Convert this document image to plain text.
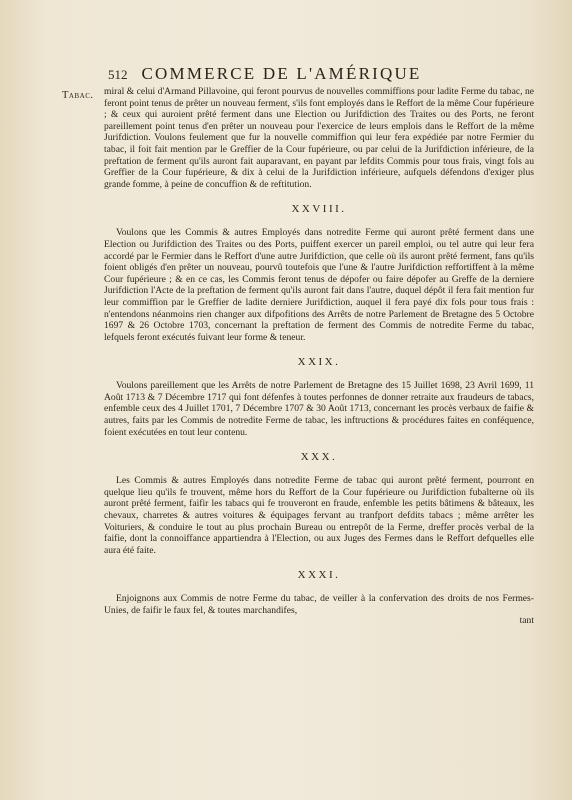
512 COMMERCE DE L'AMÉRIQUE
Tabac. miral & celui d'Armand Pillavoine, qui feront pourvus de nouvelles commiffions pour ladite Ferme du tabac, ne feront point tenus de prêter un nouveau ferment, s'ils font employés dans le Reffort de la même Cour fupérieure ; & ceux qui auroient prêté ferment dans une Election ou Jurifdiction des Traites ou des Ports, ne feront pareillement point tenus d'en prêter un nouveau pour l'exercice de leurs emplois dans le Reffort de la même Jurifdiction. Voulons feulement que fur la nouvelle commiffion qui leur fera expédiée par notre Fermier du tabac, il foit fait mention par le Greffier de la Cour fupérieure, ou par celui de la Jurifdiction inférieure, de la preftation de ferment qu'ils auront fait auparavant, en payant par lefdits Commis pour tous frais, vingt fols au Greffier de la Cour fupérieure, & dix à celui de la Jurifdiction inférieure, aufquels défendons d'exiger plus grande fomme, à peine de concuffion & de reftitution.

XXVIII.

Voulons que les Commis & autres Employés dans notredite Ferme qui auront prêté ferment dans une Election ou Jurifdiction des Traites ou des Ports, puiffent exercer un pareil emploi, ou tel autre qui leur fera accordé par le Fermier dans le Reffort d'une autre Jurifdiction, que celle où ils auront prêté ferment, fans qu'ils foient obligés d'en prêter un nouveau, pourvû toutefois que l'une & l'autre Jurifdiction reffortiffent à la même Cour fupérieure ; & en ce cas, les Commis feront tenus de dépofer ou faire dépofer au Greffe de la derniere Jurifdiction l'Acte de la preftation de ferment qu'ils auront fait dans l'autre, duquel dépôt il fera fait mention fur leur commiffion par le Greffier de ladite derniere Jurifdiction, auquel il fera payé dix fols pour tous frais : n'entendons néanmoins rien changer aux difpofitions des Arrêts de notre Parlement de Bretagne des 5 Octobre 1697 & 26 Octobre 1703, concernant la preftation de ferment des Commis de notredite Ferme du tabac, lefquels feront exécutés fuivant leur forme & teneur.

XXIX.

Voulons pareillement que les Arrêts de notre Parlement de Bretagne des 15 Juillet 1698, 23 Avril 1699, 11 Août 1713 & 7 Décembre 1717 qui font défenfes à toutes perfonnes de donner retraite aux fraudeurs de tabacs, enfemble ceux des 4 Juillet 1701, 7 Décembre 1707 & 30 Août 1713, concernant les procès verbaux de faifie & autres, faits par les Commis de notredite Ferme de tabac, les inftructions & procédures faites en conféquence, foient exécutées en tout leur contenu.

XXX.

Les Commis & autres Employés dans notredite Ferme de tabac qui auront prêté ferment, pourront en quelque lieu qu'ils fe trouvent, même hors du Reffort de la Cour fupérieure ou Jurifdiction fubalterne où ils auront prêté ferment, faifir les tabacs qui fe trouveront en fraude, enfemble les petits bâtimens & bâteaux, les chevaux, charretes & autres voitures & équipages fervant au tranfport defdits tabacs ; même arrêter les Voituriers, & conduire le tout au plus prochain Bureau ou entrepôt de la Ferme, dreffer procès verbal de la faifie, dont la connoiffance appartiendra à l'Election, ou aux Juges des Fermes dans le Reffort defquelles elle aura été faite.

XXXI.

Enjoignons aux Commis de notre Ferme du tabac, de veiller à la confervation des droits de nos Fermes-Unies, de faifir le faux fel, & toutes marchandifes,

tant
